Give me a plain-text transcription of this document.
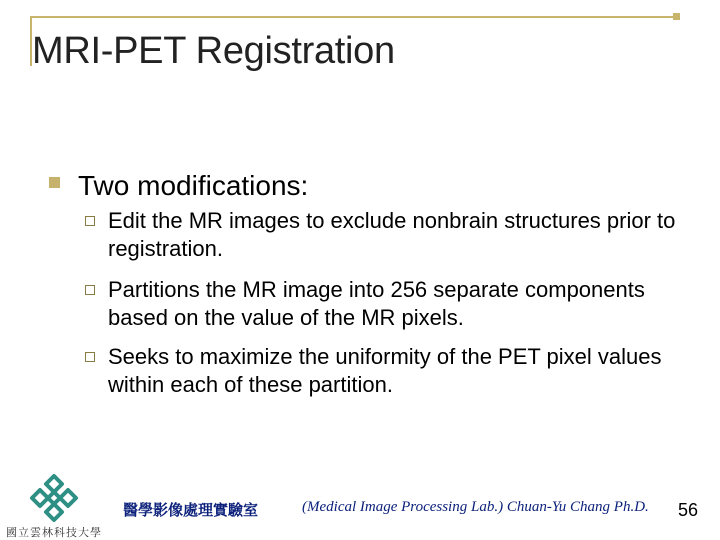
MRI-PET Registration
Two modifications:
Edit the MR images to exclude nonbrain structures prior to registration.
Partitions the MR image into 256 separate components based on the value of the MR pixels.
Seeks to maximize the uniformity of the PET pixel values within each of these partition.
國立雲林科技大學
醫學影像處理實驗室	(Medical Image Processing Lab.) Chuan-Yu Chang Ph.D. 56
